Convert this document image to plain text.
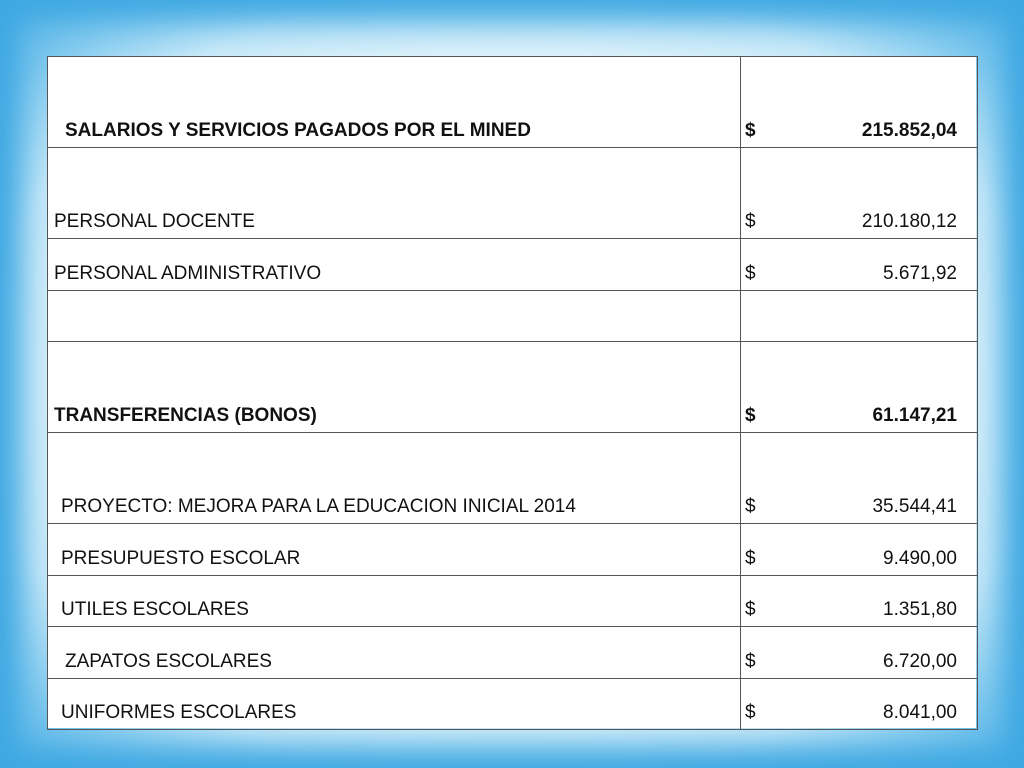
SALARIOS Y SERVICIOS PAGADOS POR EL MINED	$ 215.852,04

PERSONAL DOCENTE	$ 210.180,12

PERSONAL ADMINISTRATIVO	$ 5.671,92

TRANSFERENCIAS (BONOS)	$ 61.147,21

PROYECTO: MEJORA PARA LA EDUCACION INICIAL 2014	$ 35.544,41

PRESUPUESTO ESCOLAR	$ 9.490,00

UTILES ESCOLARES	$ 1.351,80

ZAPATOS ESCOLARES	$ 6.720,00

UNIFORMES ESCOLARES	$ 8.041,00
